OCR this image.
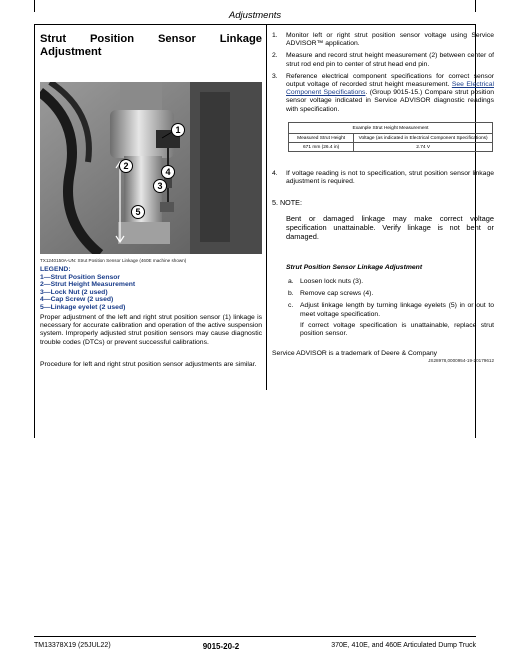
Adjustments
Strut Position Sensor Linkage
Adjustment
1
2
3
4
5
TX1240150A-UN: Strut Position Sensor Linkage (460E machine shown)
LEGEND:
1—Strut Position Sensor
2—Strut Height Measurement
3—Lock Nut (2 used)
4—Cap Screw (2 used)
5—Linkage eyelet (2 used)
Proper adjustment of the left and right strut position sensor (1) linkage is necessary for accurate calibration and operation of the active suspension system. Improperly adjusted strut position sensors may cause diagnostic trouble codes (DTCs) or prevent successful calibrations.
Procedure for left and right strut position sensor adjustments are similar.
1.	Monitor left or right strut position sensor voltage using Service ADVISOR™ application.
2.	Measure and record strut height measurement (2) between center of strut rod end pin to center of strut head end pin.
3.	Reference electrical component specifications for correct sensor output voltage of recorded strut height measurement. See Electrical Component Specifications. (Group 9015-15.) Compare strut position sensor voltage indicated in Service ADVISOR diagnostic readings with specification.
Example Strut Height Measurement	
Measured Strut Height	Voltage (as indicated in Electrical Component Specifications)
671 mm (26.4 in)	2.74 V
4.	If voltage reading is not to specification, strut position sensor linkage adjustment is required.
5. NOTE:
Bent or damaged linkage may make correct voltage specification unattainable. Verify linkage is not bent or damaged.
Strut Position Sensor Linkage Adjustment
a. Loosen lock nuts (3).
b. Remove cap screws (4).
c. Adjust linkage length by turning linkage eyelets (5) in or out to meet voltage specification.
If correct voltage specification is unattainable, replace strut position sensor.
Service ADVISOR is a trademark of Deere & Company
JS28978,0000954-19-20179612
TM13378X19 (25JUL22)	9015-20-2	370E, 410E, and 460E Articulated Dump Truck
